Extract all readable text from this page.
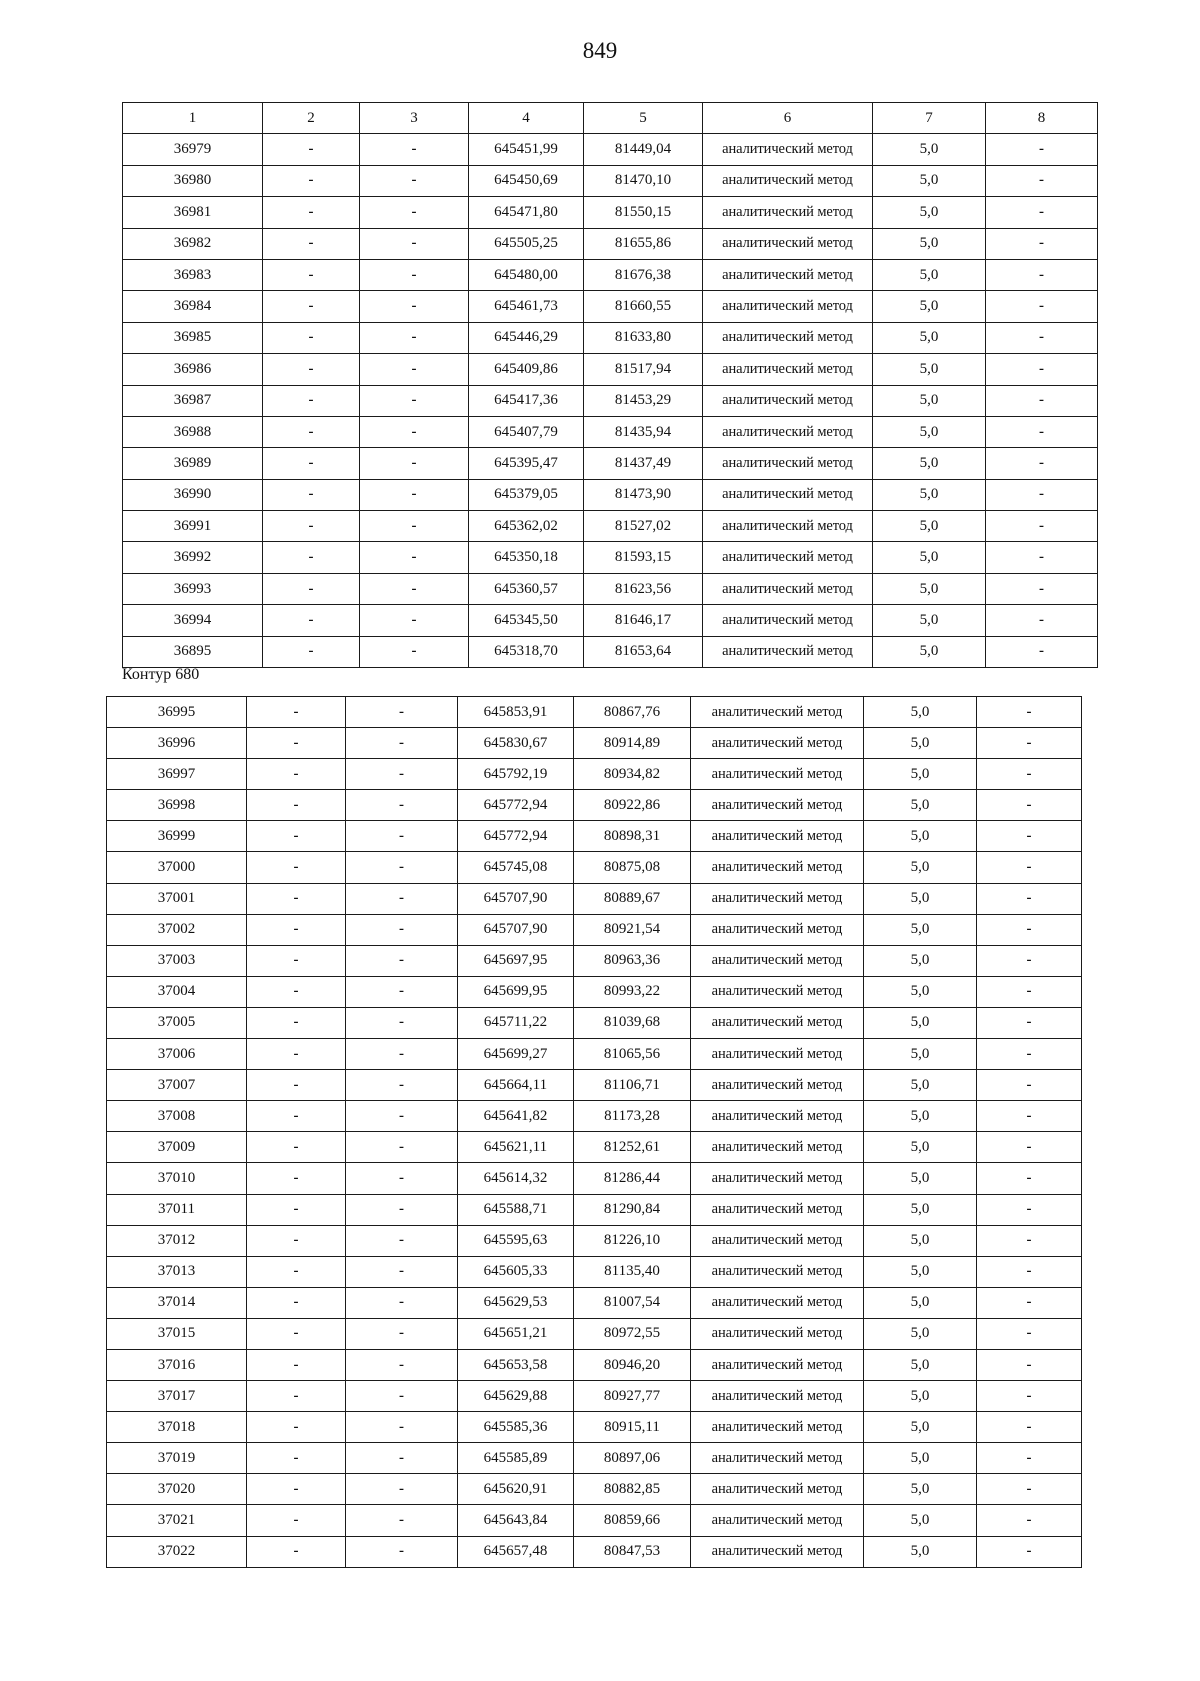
849
1	2	3	4	5	6	7	8
36979	-	-	645451,99	81449,04	аналитический метод	5,0	-
36980	-	-	645450,69	81470,10	аналитический метод	5,0	-
36981	-	-	645471,80	81550,15	аналитический метод	5,0	-
36982	-	-	645505,25	81655,86	аналитический метод	5,0	-
36983	-	-	645480,00	81676,38	аналитический метод	5,0	-
36984	-	-	645461,73	81660,55	аналитический метод	5,0	-
36985	-	-	645446,29	81633,80	аналитический метод	5,0	-
36986	-	-	645409,86	81517,94	аналитический метод	5,0	-
36987	-	-	645417,36	81453,29	аналитический метод	5,0	-
36988	-	-	645407,79	81435,94	аналитический метод	5,0	-
36989	-	-	645395,47	81437,49	аналитический метод	5,0	-
36990	-	-	645379,05	81473,90	аналитический метод	5,0	-
36991	-	-	645362,02	81527,02	аналитический метод	5,0	-
36992	-	-	645350,18	81593,15	аналитический метод	5,0	-
36993	-	-	645360,57	81623,56	аналитический метод	5,0	-
36994	-	-	645345,50	81646,17	аналитический метод	5,0	-
36895	-	-	645318,70	81653,64	аналитический метод	5,0	-
Контур 680
36995	-	-	645853,91	80867,76	аналитический метод	5,0	-
36996	-	-	645830,67	80914,89	аналитический метод	5,0	-
36997	-	-	645792,19	80934,82	аналитический метод	5,0	-
36998	-	-	645772,94	80922,86	аналитический метод	5,0	-
36999	-	-	645772,94	80898,31	аналитический метод	5,0	-
37000	-	-	645745,08	80875,08	аналитический метод	5,0	-
37001	-	-	645707,90	80889,67	аналитический метод	5,0	-
37002	-	-	645707,90	80921,54	аналитический метод	5,0	-
37003	-	-	645697,95	80963,36	аналитический метод	5,0	-
37004	-	-	645699,95	80993,22	аналитический метод	5,0	-
37005	-	-	645711,22	81039,68	аналитический метод	5,0	-
37006	-	-	645699,27	81065,56	аналитический метод	5,0	-
37007	-	-	645664,11	81106,71	аналитический метод	5,0	-
37008	-	-	645641,82	81173,28	аналитический метод	5,0	-
37009	-	-	645621,11	81252,61	аналитический метод	5,0	-
37010	-	-	645614,32	81286,44	аналитический метод	5,0	-
37011	-	-	645588,71	81290,84	аналитический метод	5,0	-
37012	-	-	645595,63	81226,10	аналитический метод	5,0	-
37013	-	-	645605,33	81135,40	аналитический метод	5,0	-
37014	-	-	645629,53	81007,54	аналитический метод	5,0	-
37015	-	-	645651,21	80972,55	аналитический метод	5,0	-
37016	-	-	645653,58	80946,20	аналитический метод	5,0	-
37017	-	-	645629,88	80927,77	аналитический метод	5,0	-
37018	-	-	645585,36	80915,11	аналитический метод	5,0	-
37019	-	-	645585,89	80897,06	аналитический метод	5,0	-
37020	-	-	645620,91	80882,85	аналитический метод	5,0	-
37021	-	-	645643,84	80859,66	аналитический метод	5,0	-
37022	-	-	645657,48	80847,53	аналитический метод	5,0	-
